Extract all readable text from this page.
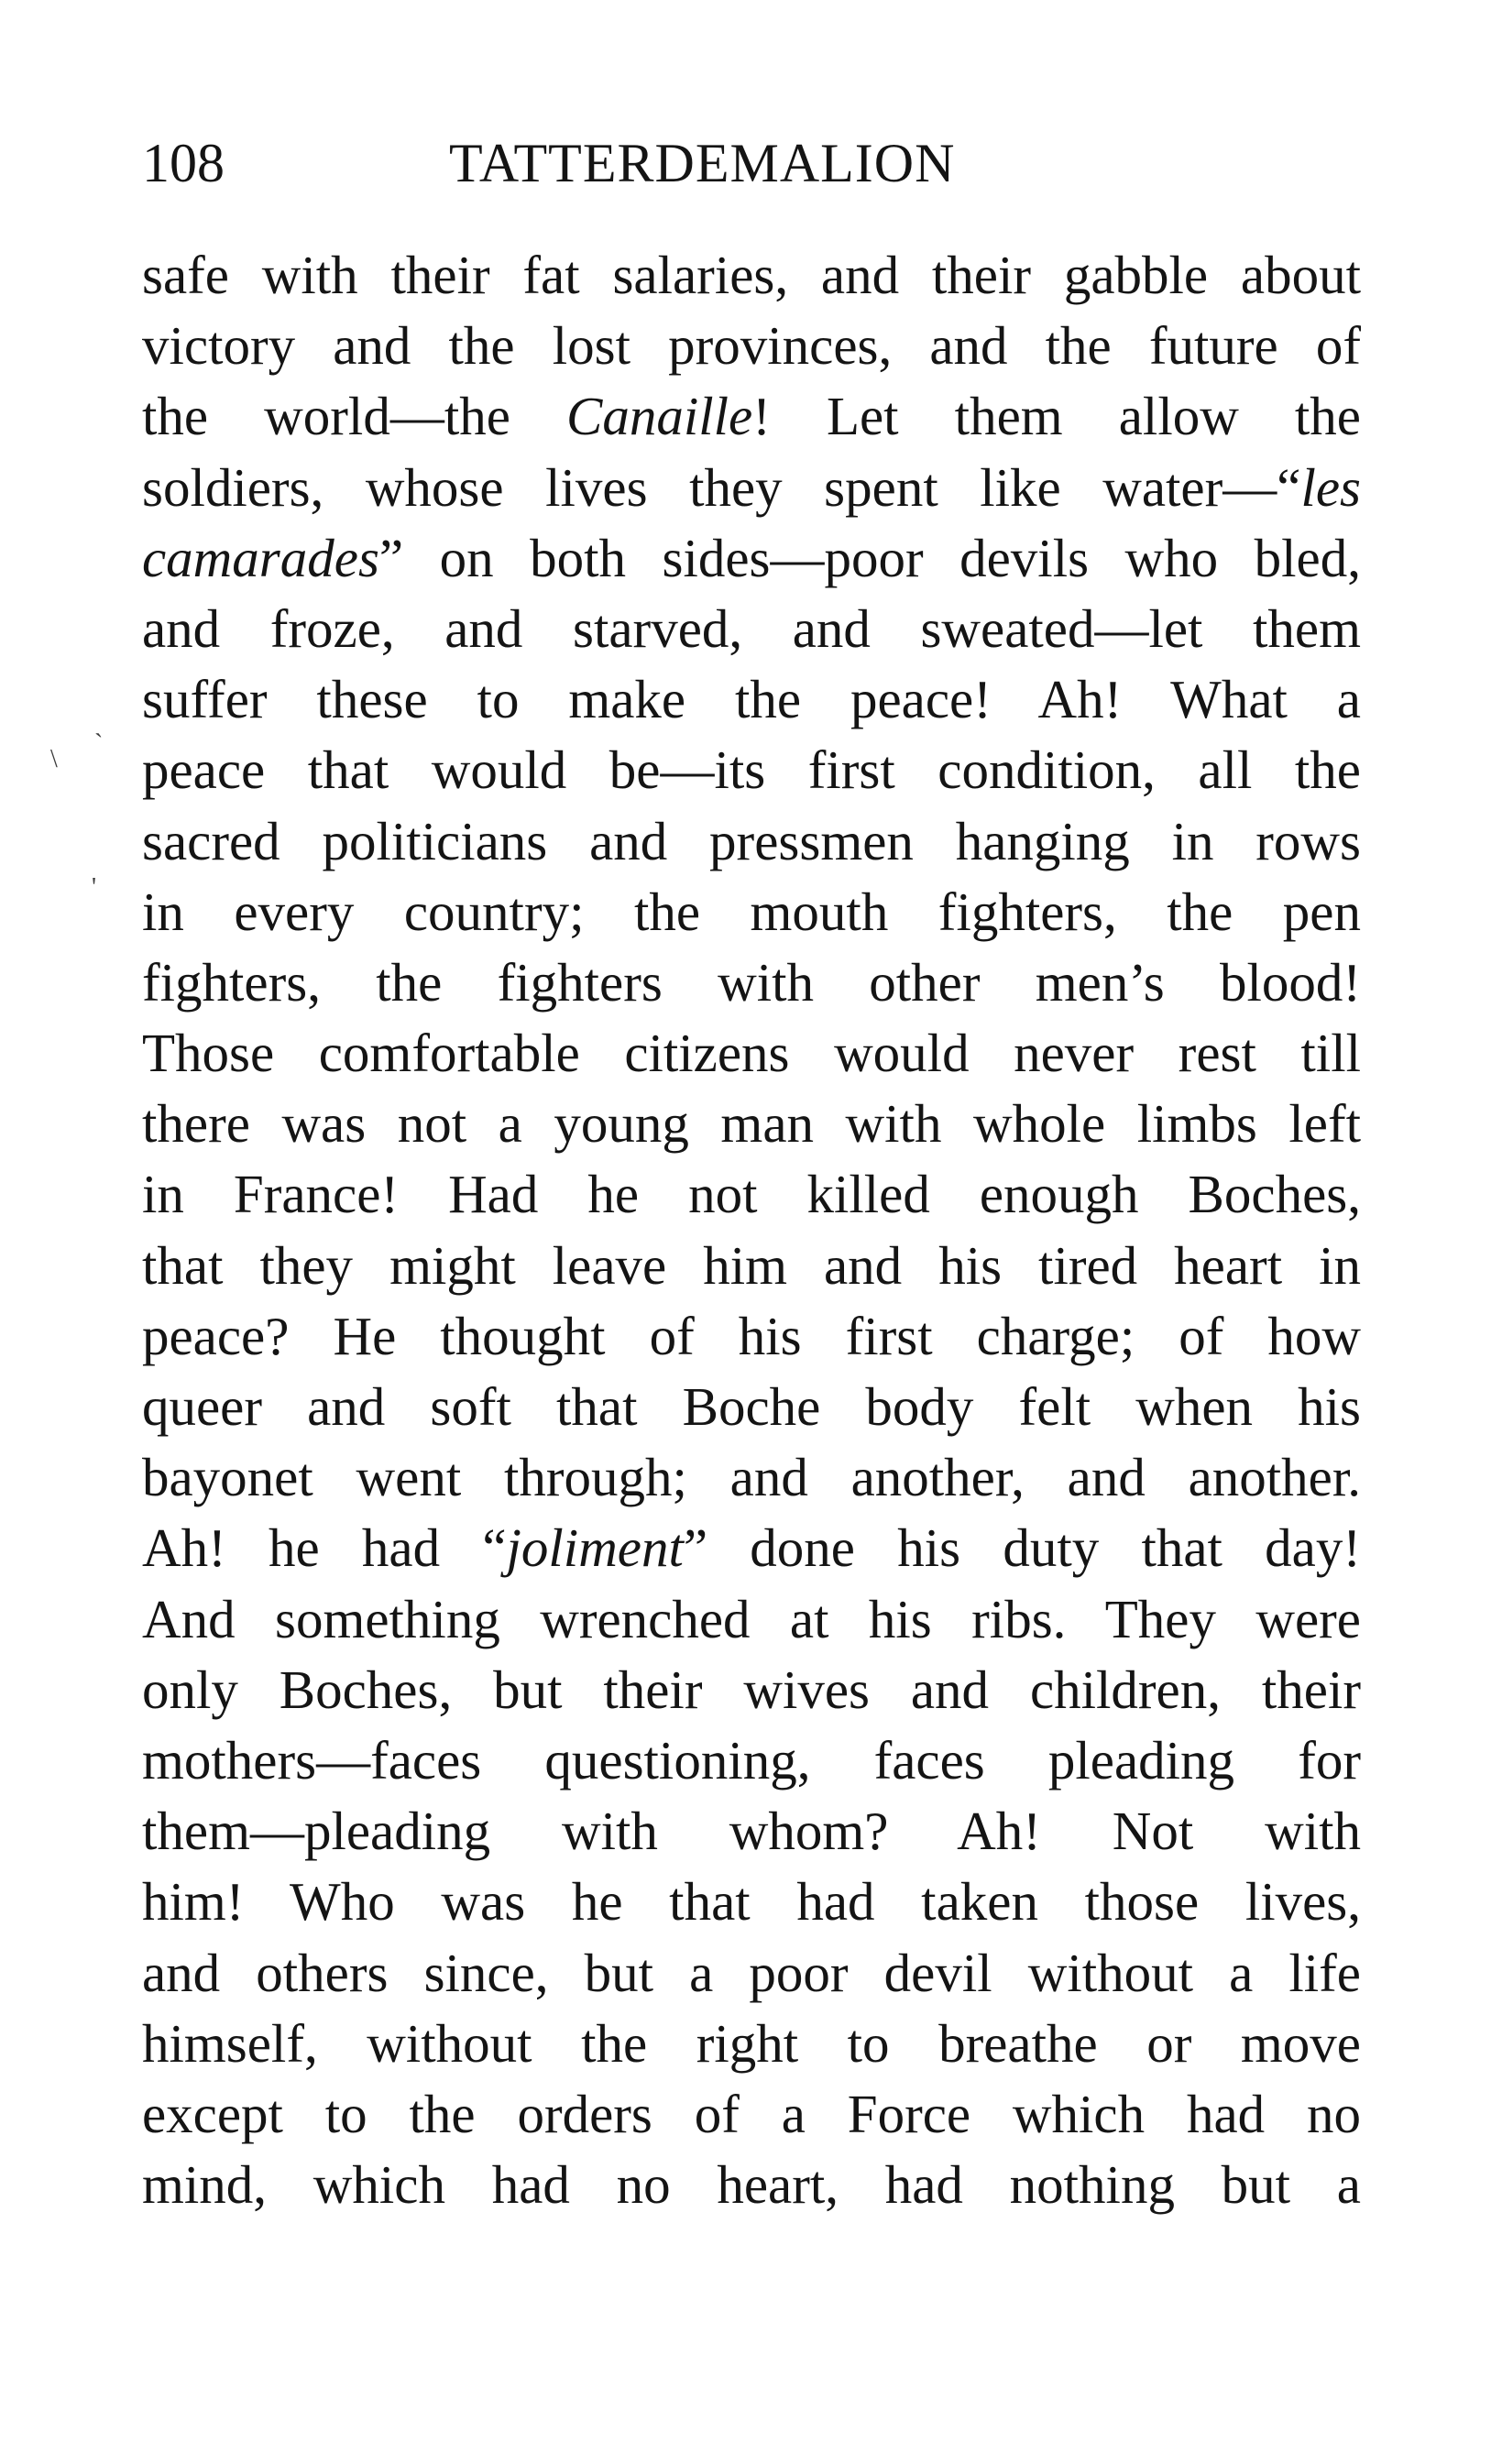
108	TATTERDEMALION
\
`
'
safe with their fat salaries, and their gabble about
victory and the lost provinces, and the future of
the world—the Canaille! Let them allow the
soldiers, whose lives they spent like water—“les
camarades” on both sides—poor devils who bled,
and froze, and starved, and sweated—let them
suffer these to make the peace! Ah! What a
peace that would be—its first condition, all the
sacred politicians and pressmen hanging in rows
in every country; the mouth fighters, the pen
fighters, the fighters with other men’s blood!
Those comfortable citizens would never rest till
there was not a young man with whole limbs left
in France! Had he not killed enough Boches,
that they might leave him and his tired heart in
peace? He thought of his first charge; of how
queer and soft that Boche body felt when his
bayonet went through; and another, and another.
Ah! he had “joliment” done his duty that day!
And something wrenched at his ribs. They were
only Boches, but their wives and children, their
mothers—faces questioning, faces pleading for
them—pleading with whom? Ah! Not with
him! Who was he that had taken those lives,
and others since, but a poor devil without a life
himself, without the right to breathe or move
except to the orders of a Force which had no
mind, which had no heart, had nothing but a
